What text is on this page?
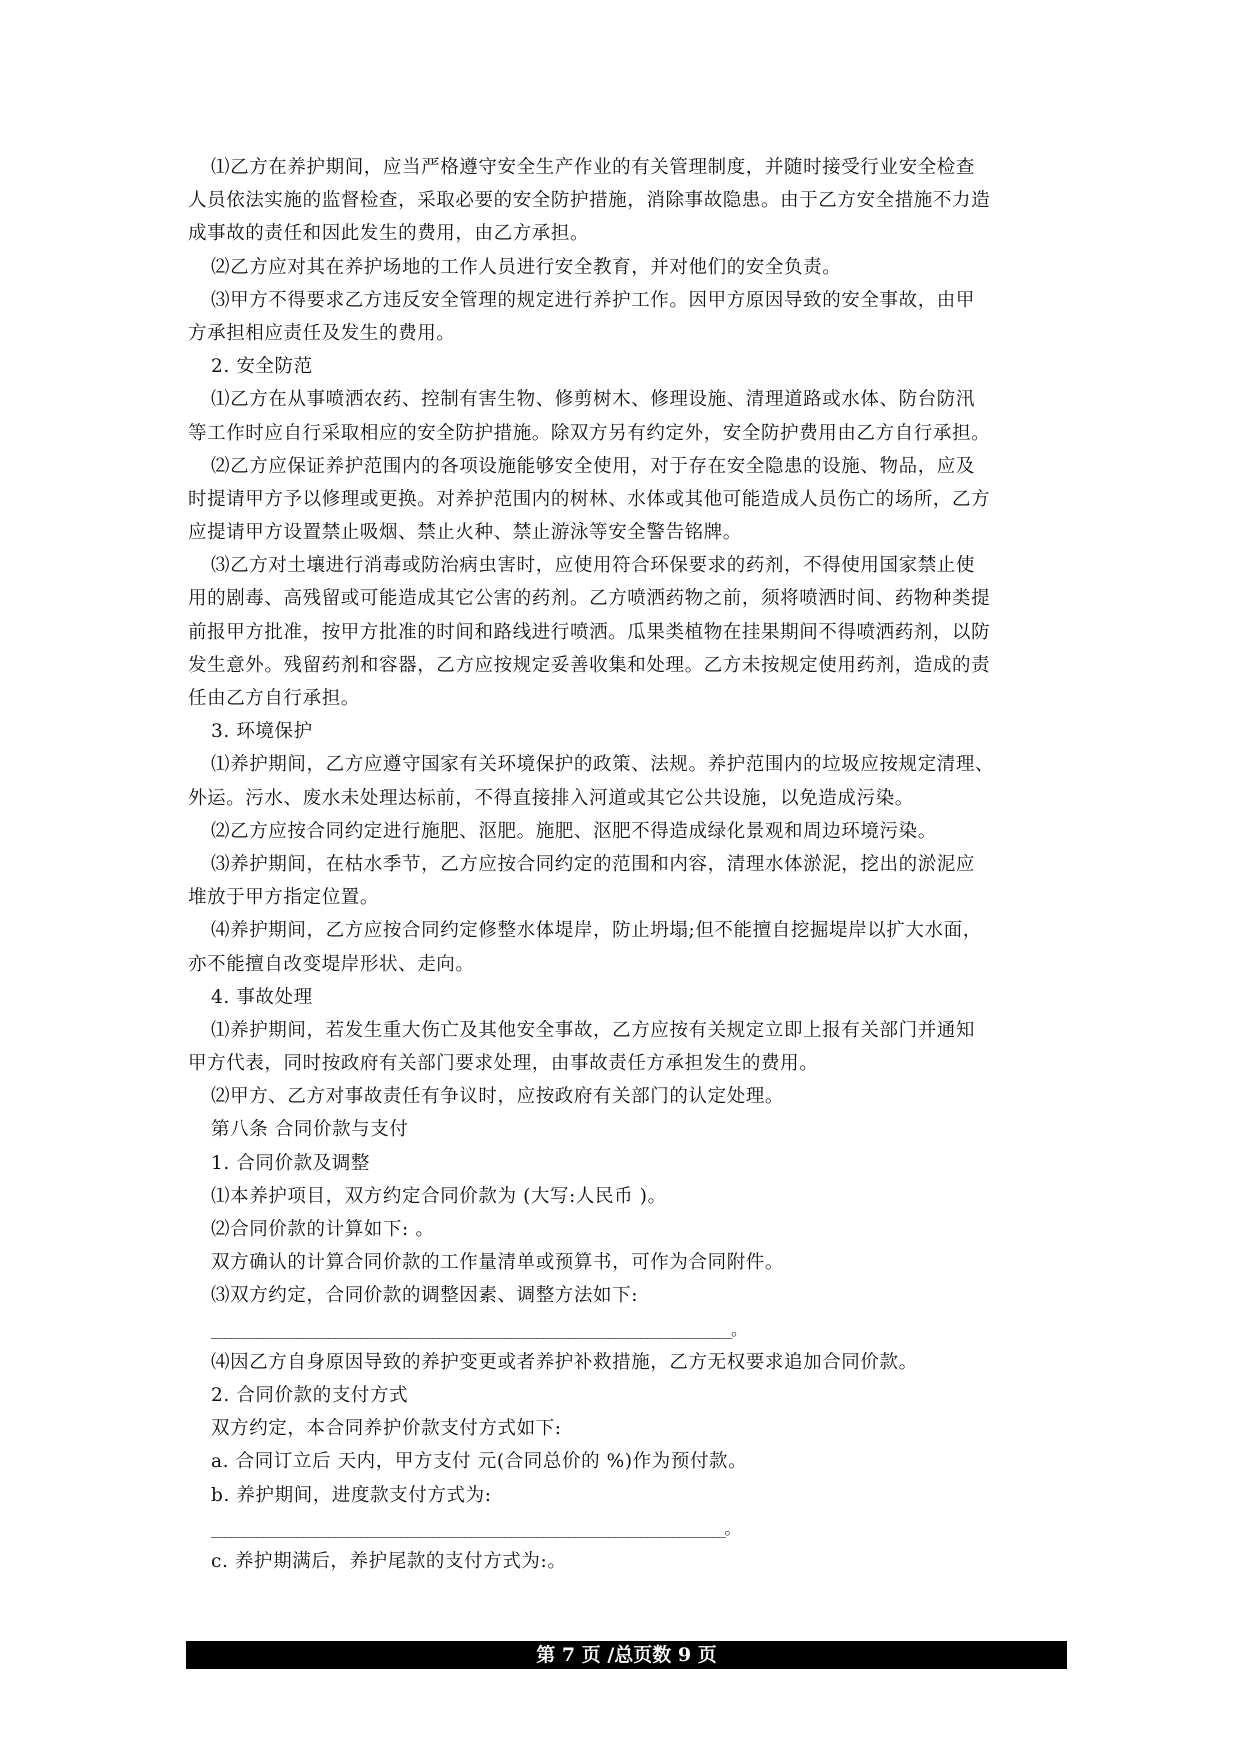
⑴乙方在养护期间，应当严格遵守安全生产作业的有关管理制度，并随时接受行业安全检查
人员依法实施的监督检查，采取必要的安全防护措施，消除事故隐患。由于乙方安全措施不力造
成事故的责任和因此发生的费用，由乙方承担。
⑵乙方应对其在养护场地的工作人员进行安全教育，并对他们的安全负责。
⑶甲方不得要求乙方违反安全管理的规定进行养护工作。因甲方原因导致的安全事故，由甲
方承担相应责任及发生的费用。
2. 安全防范
⑴乙方在从事喷洒农药、控制有害生物、修剪树木、修理设施、清理道路或水体、防台防汛
等工作时应自行采取相应的安全防护措施。除双方另有约定外，安全防护费用由乙方自行承担。
⑵乙方应保证养护范围内的各项设施能够安全使用，对于存在安全隐患的设施、物品，应及
时提请甲方予以修理或更换。对养护范围内的树林、水体或其他可能造成人员伤亡的场所，乙方
应提请甲方设置禁止吸烟、禁止火种、禁止游泳等安全警告铭牌。
⑶乙方对土壤进行消毒或防治病虫害时，应使用符合环保要求的药剂，不得使用国家禁止使
用的剧毒、高残留或可能造成其它公害的药剂。乙方喷洒药物之前，须将喷洒时间、药物种类提
前报甲方批准，按甲方批准的时间和路线进行喷洒。瓜果类植物在挂果期间不得喷洒药剂，以防
发生意外。残留药剂和容器，乙方应按规定妥善收集和处理。乙方未按规定使用药剂，造成的责
任由乙方自行承担。
3. 环境保护
⑴养护期间，乙方应遵守国家有关环境保护的政策、法规。养护范围内的垃圾应按规定清理、
外运。污水、废水未处理达标前，不得直接排入河道或其它公共设施，以免造成污染。
⑵乙方应按合同约定进行施肥、沤肥。施肥、沤肥不得造成绿化景观和周边环境污染。
⑶养护期间，在枯水季节，乙方应按合同约定的范围和内容，清理水体淤泥，挖出的淤泥应
堆放于甲方指定位置。
⑷养护期间，乙方应按合同约定修整水体堤岸，防止坍塌;但不能擅自挖掘堤岸以扩大水面，
亦不能擅自改变堤岸形状、走向。
4. 事故处理
⑴养护期间，若发生重大伤亡及其他安全事故，乙方应按有关规定立即上报有关部门并通知
甲方代表，同时按政府有关部门要求处理，由事故责任方承担发生的费用。
⑵甲方、乙方对事故责任有争议时，应按政府有关部门的认定处理。
第八条 合同价款与支付
1. 合同价款及调整
⑴本养护项目，双方约定合同价款为 (大写:人民币 )。
⑵合同价款的计算如下: 。
双方确认的计算合同价款的工作量清单或预算书，可作为合同附件。
⑶双方约定，合同价款的调整因素、调整方法如下:
________________________________________________________________________________。
⑷因乙方自身原因导致的养护变更或者养护补救措施，乙方无权要求追加合同价款。
2. 合同价款的支付方式
双方约定，本合同养护价款支付方式如下:
a. 合同订立后 天内，甲方支付 元(合同总价的 %)作为预付款。
b. 养护期间，进度款支付方式为:
_______________________________________________________________________________。
c. 养护期满后，养护尾款的支付方式为:。
第 7 页 /总页数 9 页
